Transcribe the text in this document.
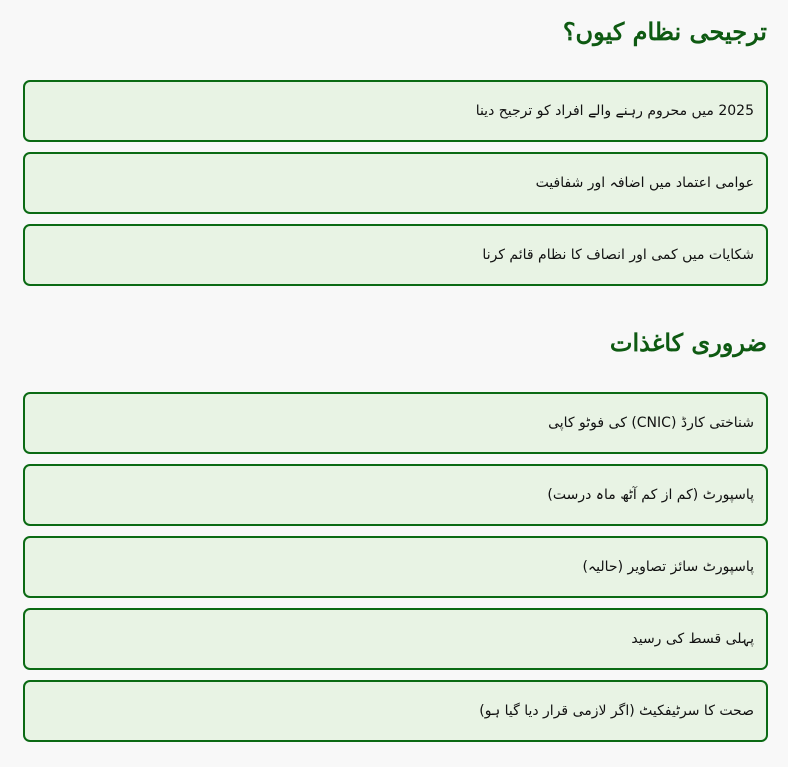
ترجیحی نظام کیوں؟
2025 میں محروم رہنے والے افراد کو ترجیح دینا
عوامی اعتماد میں اضافہ اور شفافیت
شکایات میں کمی اور انصاف کا نظام قائم کرنا
ضروری کاغذات
شناختی کارڈ (CNIC) کی فوٹو کاپی
پاسپورٹ (کم از کم آٹھ ماہ درست)
پاسپورٹ سائز تصاویر (حالیہ)
پہلی قسط کی رسید
صحت کا سرٹیفکیٹ (اگر لازمی قرار دیا گیا ہو)
